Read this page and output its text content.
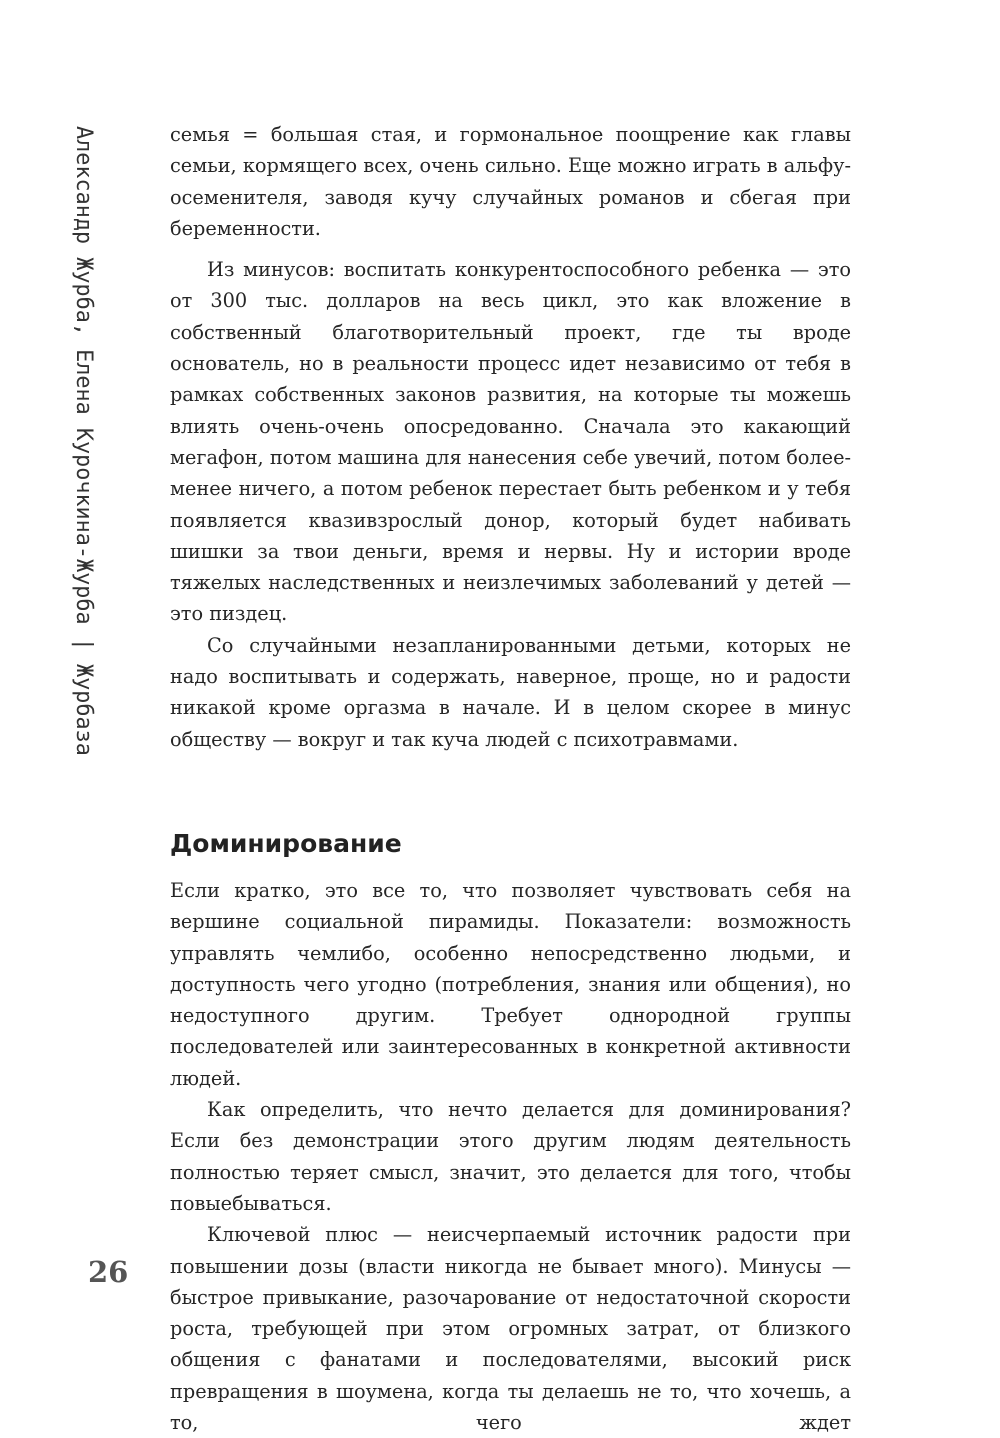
Александр Журба, Елена Курочкина-Журба | Журбаза
26

семья = большая стая, и гормональное поощрение как главы семьи, кормящего всех, очень сильно. Еще можно играть в альфу-осеменителя, заводя кучу случайных романов и сбегая при беременности.

Из минусов: воспитать конкурентоспособного ребенка — это от 300 тыс. долларов на весь цикл, это как вложение в собственный благотворительный проект, где ты вроде основатель, но в реальности процесс идет независимо от тебя в рамках собственных законов развития, на которые ты можешь влиять очень-очень опосредованно. Сначала это какающий мегафон, потом машина для нанесения себе увечий, потом более-менее ничего, а потом ребенок перестает быть ребенком и у тебя появляется квазивзрослый донор, который будет набивать шишки за твои деньги, время и нервы. Ну и истории вроде тяжелых наследственных и неизлечимых заболеваний у детей — это пиздец.

Со случайными незапланированными детьми, которых не надо воспитывать и содержать, наверное, проще, но и радости никакой кроме оргазма в начале. И в целом скорее в минус обществу — вокруг и так куча людей с психотравмами.

Доминирование

Если кратко, это все то, что позволяет чувствовать себя на вершине социальной пирамиды. Показатели: возможность управлять чемлибо, особенно непосредственно людьми, и доступность чего угодно (потребления, знания или общения), но недоступного другим. Требует однородной группы последователей или заинтересованных в конкретной активности людей.

Как определить, что нечто делается для доминирования? Если без демонстрации этого другим людям деятельность полностью теряет смысл, значит, это делается для того, чтобы повыебываться.

Ключевой плюс — неисчерпаемый источник радости при повышении дозы (власти никогда не бывает много). Минусы — быстрое привыкание, разочарование от недостаточной скорости роста, требующей при этом огромных затрат, от близкого общения с фанатами и последователями, высокий риск превращения в шоумена, когда ты делаешь не то, что хочешь, а то, чего ждет
